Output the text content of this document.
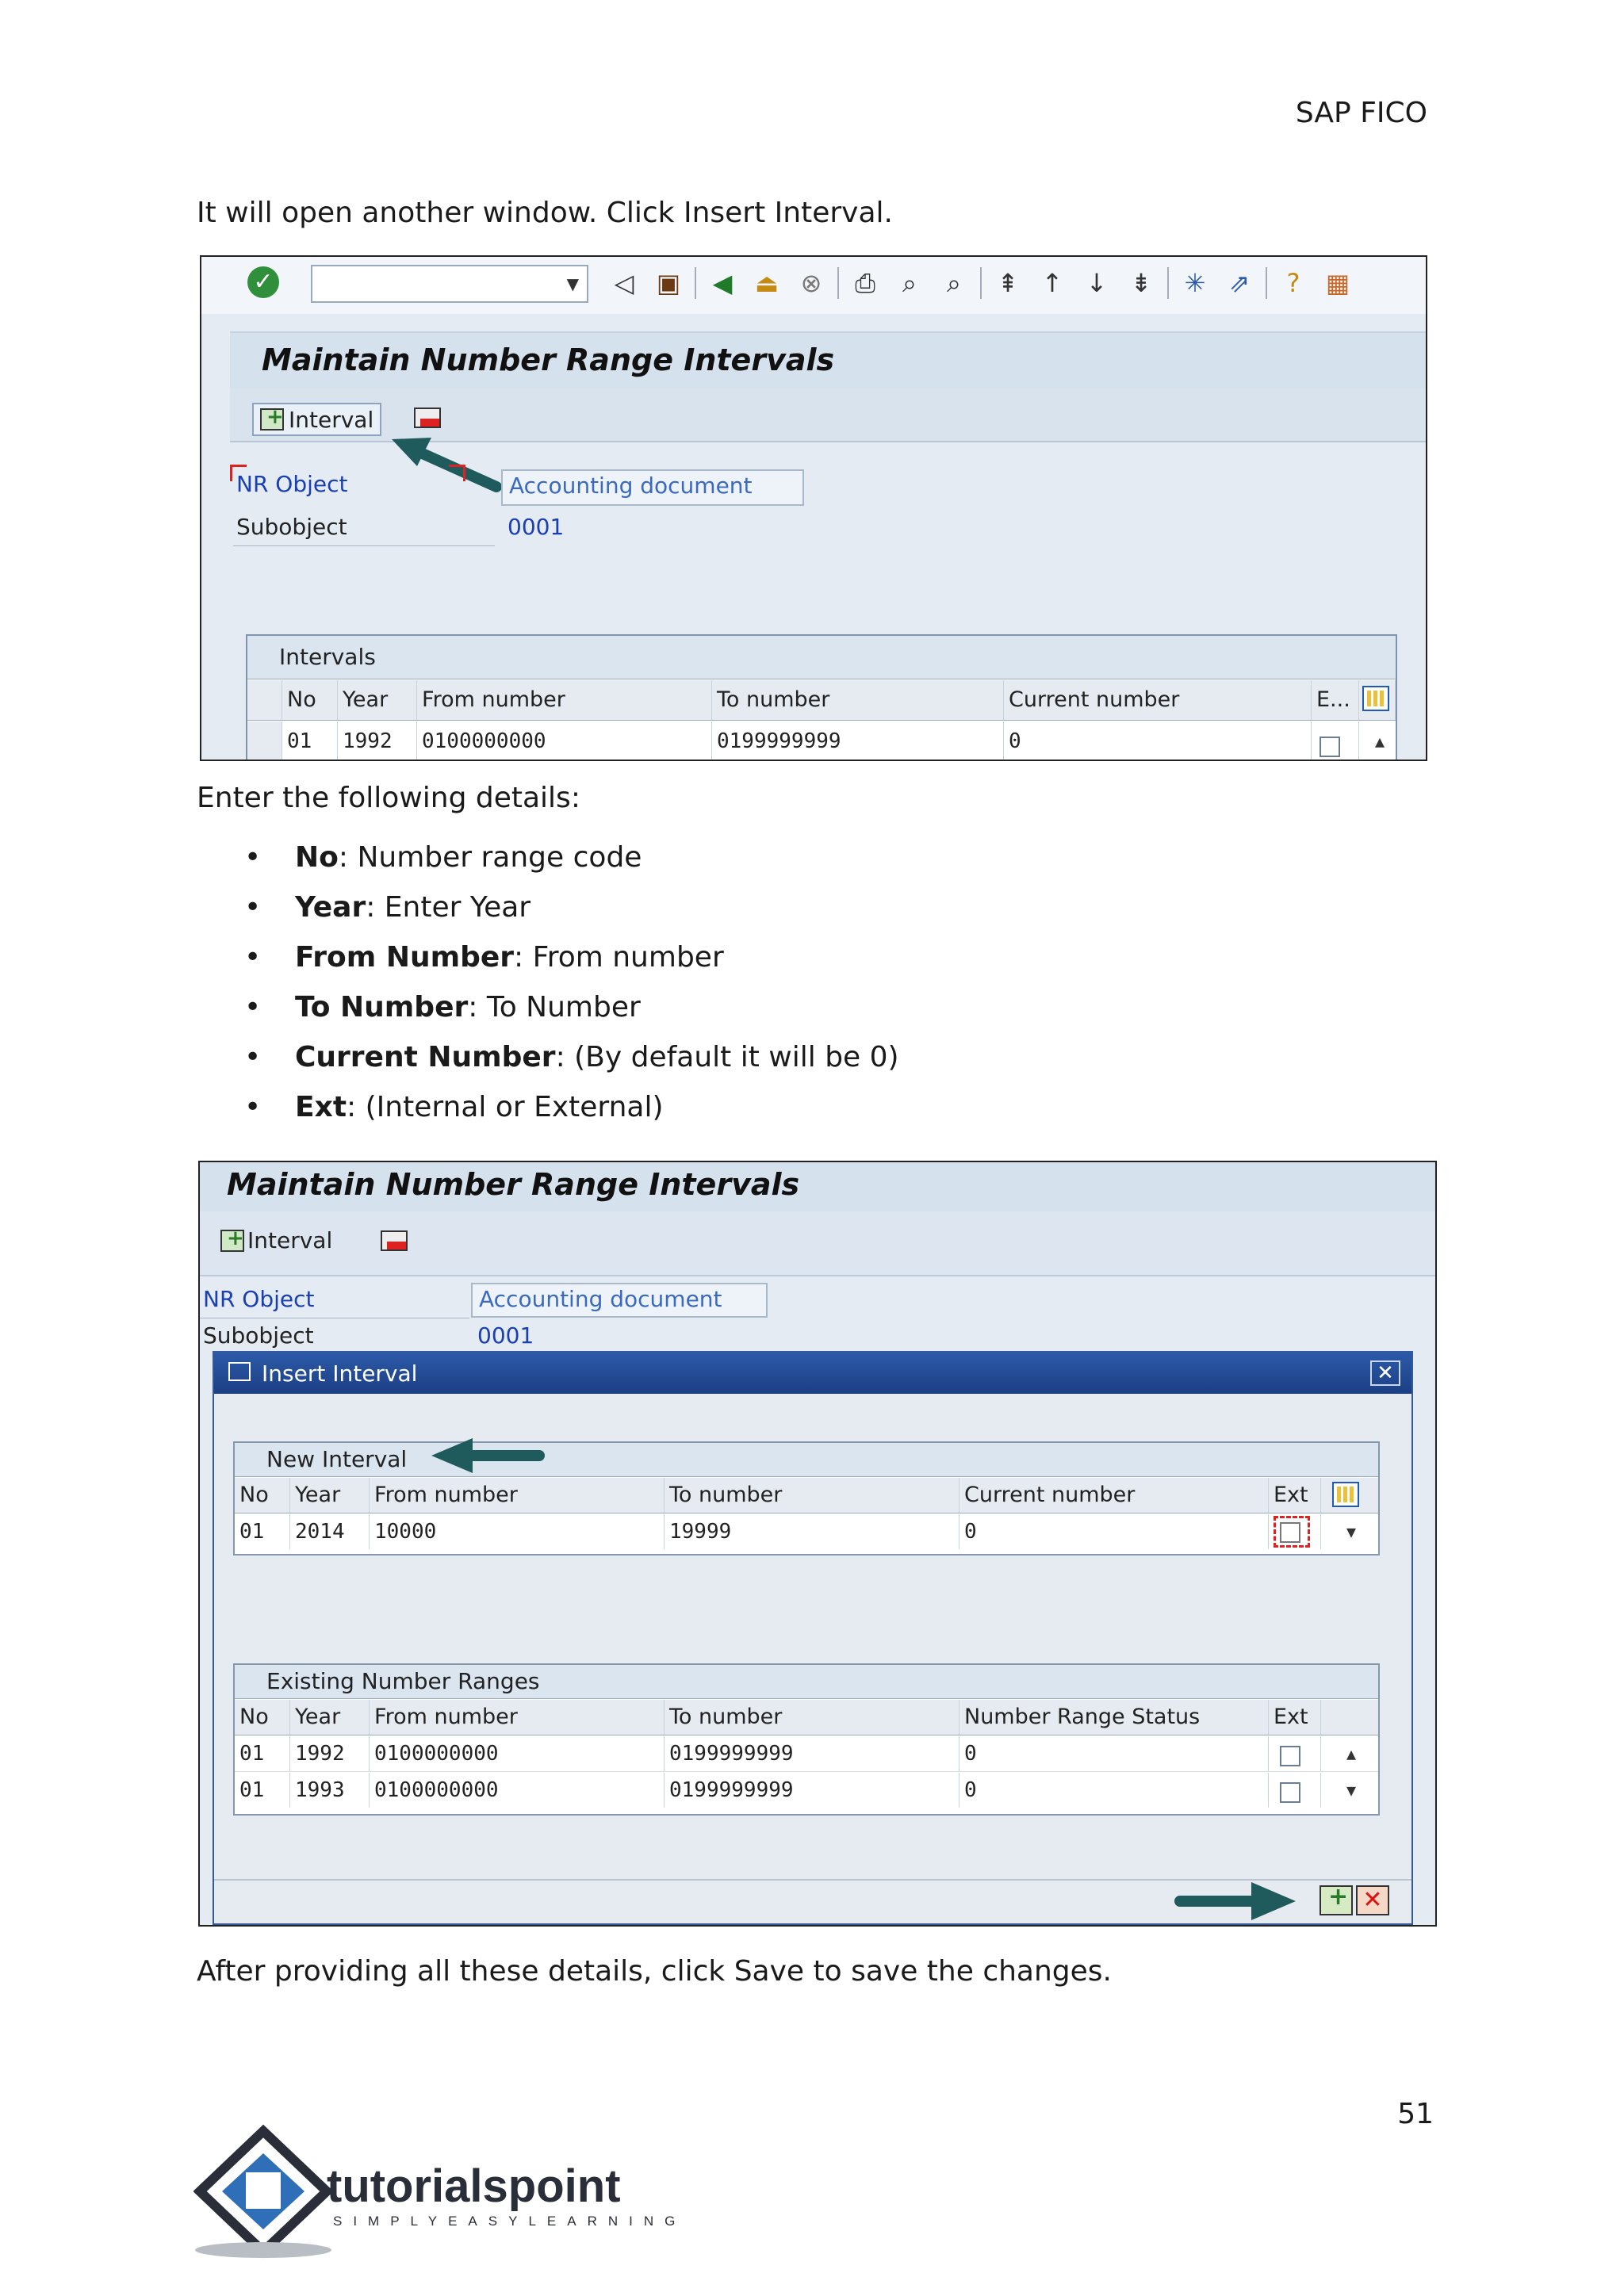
SAP FICO
It will open another window. Click Insert Interval.
✓	▼	◁ ▣	◀ ⏏ ⊗	⎙	⌕	⌕	⇞ ↑ ↓ ⇟ ✳ ⇗	?	▦
Maintain Number Range Intervals
+
Interval
NR Object	Accounting document
Subobject	0001
Intervals
No	Year	From number	To number	Current number	E...
01	1992	0100000000	0199999999	0	▲
Enter the following details:
• No: Number range code
• Year: Enter Year
• From Number: From number
• To Number: To Number
• Current Number: (By default it will be 0)
• Ext: (Internal or External)
Maintain Number Range Intervals
+
Interval
NR Object	Accounting document
Subobject	0001
Insert Interval	✕
New Interval
No	Year	From number	To number	Current number	Ext
01	2014	10000	19999	0	▼
Existing Number Ranges
No	Year	From number	To number	Number Range Status	Ext
01	1992	0100000000	0199999999	0	▲
01	1993	0100000000	0199999999	0	▼
+
✕
After providing all these details, click Save to save the changes.
51
tutorialspoint
SIMPLYEASYLEARNING
